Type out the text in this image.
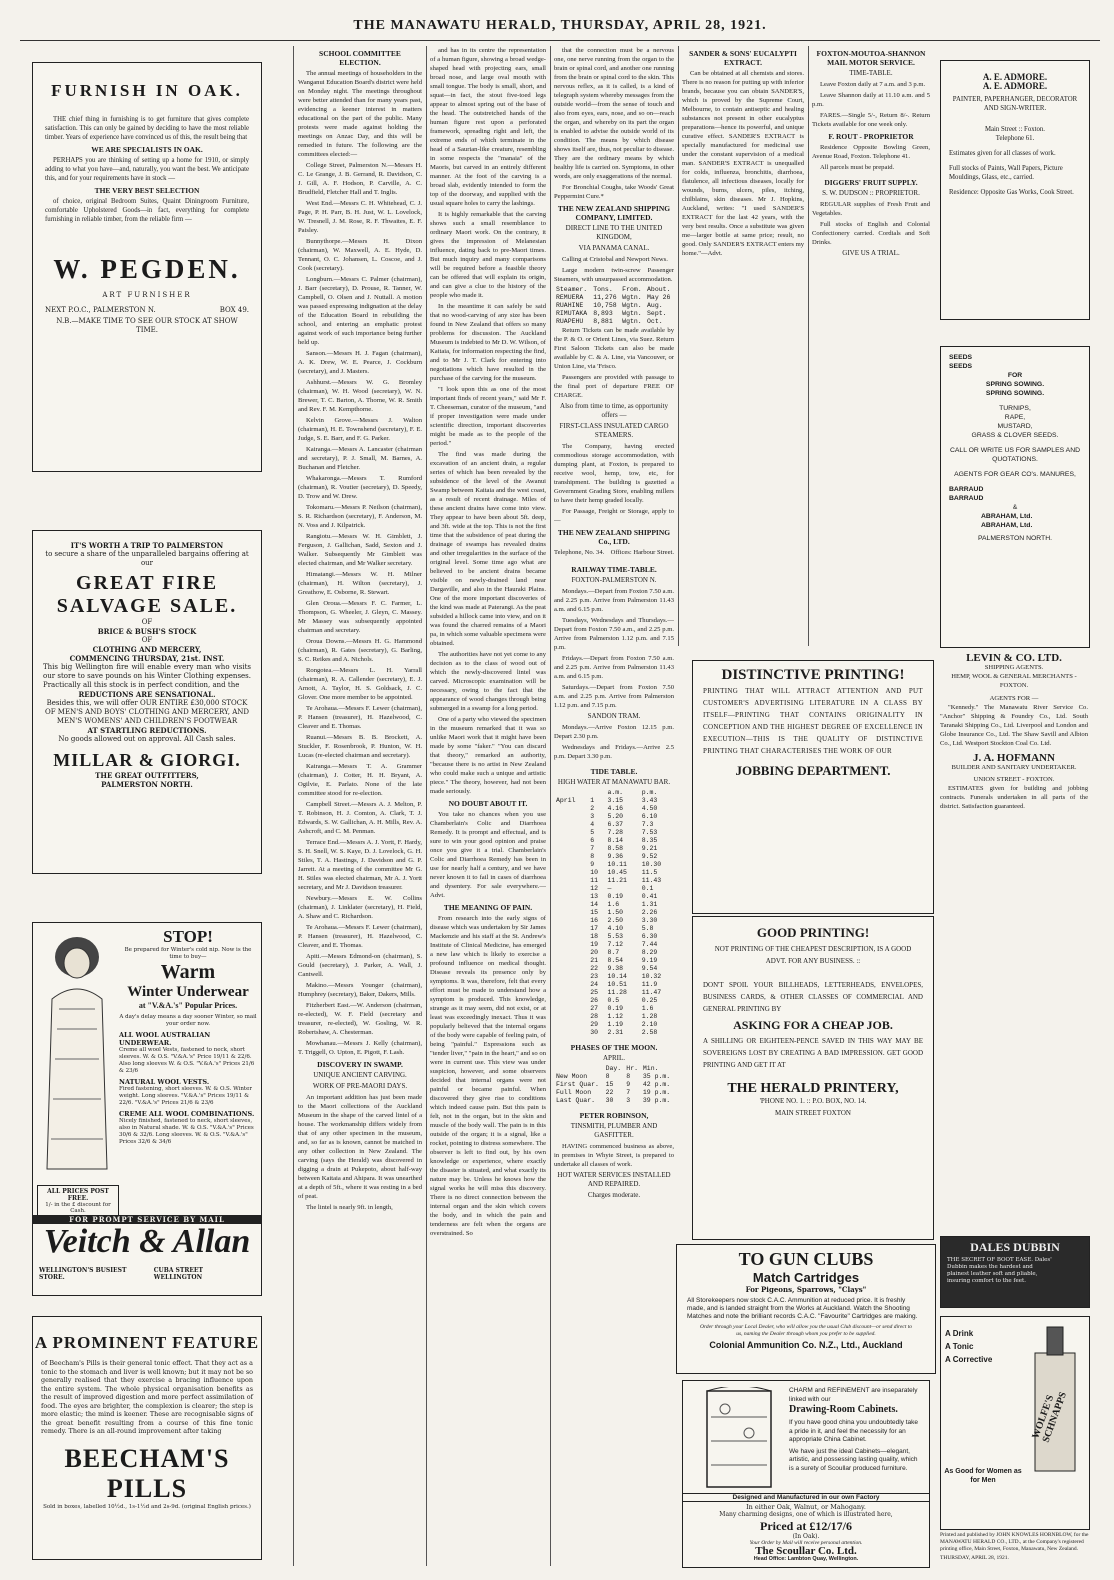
THE MANAWATU HERALD, THURSDAY, APRIL 28, 1921.
FURNISH IN OAK.

THE chief thing in furnishing is to get furniture that gives complete satisfaction. This can only be gained by deciding to have the most reliable timber. Years of experience have convinced us of this, the result being that

WE ARE SPECIALISTS IN OAK.

PERHAPS you are thinking of setting up a home for 1910, or simply adding to what you have—and, naturally, you want the best. We anticipate this, and for your requirements have in stock —

THE VERY BEST SELECTION

of choice, original Bedroom Suites, Quaint Diningroom Furniture, comfortable Upholstered Goods—in fact, everything for complete furnishing in reliable timber, from the reliable firm —

W. PEGDEN.
ART FURNISHER
NEXT P.O.C., PALMERSTON N.	BOX 49.
N.B.—MAKE TIME TO SEE OUR STOCK AT SHOW TIME.
IT'S WORTH A TRIP TO PALMERSTON
to secure a share of the unparalleled bargains offering at our
GREAT FIRE
SALVAGE SALE.
OF
BRICE & BUSH'S STOCK
OF
CLOTHING AND MERCERY,
COMMENCING THURSDAY, 21st. INST.
This big Wellington fire will enable every man who visits our store to save pounds on his Winter Clothing expenses. Practically all this stock is in perfect condition, and the
REDUCTIONS ARE SENSATIONAL.
Besides this, we will offer OUR ENTIRE £30,000 STOCK OF MEN'S AND BOYS' CLOTHING AND MERCERY, AND MEN'S WOMENS' AND CHILDREN'S FOOTWEAR
AT STARTLING REDUCTIONS.
No goods allowed out on approval. All Cash sales.
MILLAR & GIORGI.
THE GREAT OUTFITTERS,
PALMERSTON NORTH.
STOP!
Be prepared for Winter's cold nip. Now is the time to buy—
Warm
Winter Underwear
at "V.&A.'s" Popular Prices.
A day's delay means a day sooner Winter, so mail your order now.
ALL WOOL AUSTRALIAN UNDERWEAR.
Creme all wool Vests, fastened to neck, short sleeves. W. & O.S. "V.&A.'s" Price 19/11 & 22/6. Also long sleeves W. & O.S. "V.&A.'s" Prices 21/6 & 23/6
NATURAL WOOL VESTS.
Fired fastening, short sleeves. W. & O.S. Winter weight. Long sleeves. "V.&A.'s" Prices 19/11 & 22/6. "V.&A.'s" Prices 21/6 & 23/6
CREME ALL WOOL COMBINATIONS.
Nicely finished, fastened to neck, short sleeves, also in Natural shade. W. & O.S. "V.&A.'s" Prices 30/6 & 32/6. Long sleeves. W. & O.S. "V.&A.'s" Prices 32/6 & 34/6
ALL PRICES POST FREE.
1/- in the £ discount for Cash.
FOR PROMPT SERVICE BY MAIL
Veitch & Allan
WELLINGTON'S BUSIEST STORE.
CUBA STREET WELLINGTON
A PROMINENT FEATURE
of Beecham's Pills is their general tonic effect. That they act as a tonic to the stomach and liver is well known; but it may not be so generally realised that they exercise a bracing influence upon the entire system. The whole physical organisation benefits as the result of improved digestion and more perfect assimilation of food. The eyes are brighter, the complexion is clearer; the step is more elastic; the mind is keener. These are recognisable signs of the great benefit resulting from a course of this fine tonic remedy. There is an all-round improvement after taking
BEECHAM'S PILLS
Sold in boxes, labelled 10½d., 1s-1½d and 2s-9d. (original English prices.)
SCHOOL COMMITTEE ELECTION.

The annual meetings of householders in the Wanganui Education Board's district were held on Monday night. The meetings throughout were better attended than for many years past, evidencing a keener interest in matters educational on the part of the public. Many protests were made against holding the meetings on Anzac Day, and this will be remedied in future. The following are the committees elected:—

College Street, Palmerston N.—Messrs H. C. Le Grange, J. B. Gerrand, R. Davidson, C. J. Gill, A. F. Hodson, P. Carville, A. C. Brudfield, Fletcher Hall and T. Inglis.

West End.—Messrs C. H. Whitehead, C. J. Page, P. H. Parr, B. H. Just, W. L. Lovelock, W. Tresnell, J. M. Rose, R. F. Thwaites, E. F. Paisley.

Bunnythorpe.—Messrs H. Dixon (chairman), W. Maxwell, A. E. Hyde, D. Tennant, O. C. Johansen, L. Coscoe, and J. Cook (secretary).

Longburn.—Messrs C. Palmer (chairman), J. Barr (secretary), D. Prouse, R. Tanner, W. Campbell, O. Olsen and J. Nuttall. A motion was passed expressing indignation at the delay of the Education Board in rebuilding the school, and entering an emphatic protest against work of such importance being further held up.

Sanson.—Messrs H. J. Fagan (chairman), A. K. Drew, W. E. Pearce, J. Cockburn (secretary), and J. Masters.

Ashhurst.—Messrs W. G. Bromley (chairman), W. H. Wood (secretary), W. N. Brewer, T. C. Barton, A. Thorne, W. R. Smith and Rev. F. M. Kempthorne.

Kelvin Grove.—Messrs J. Walton (chairman), H. E. Townshend (secretary), F. E. Judge, S. E. Barr, and F. G. Parker.

Kairanga.—Messrs A. Lancaster (chairman and secretary), P. J. Small, M. Barnes, A. Buchanan and Fletcher.

Whakaronga.—Messrs T. Rumford (chairman), R. Voutier (secretary), D. Speedy, D. Trow and W. Drew.

Tokomaru.—Messrs P. Neilson (chairman), S. R. Richardson (secretary), F. Anderson, M. N. Voss and J. Kilpatrick.

Rangiotu.—Messrs W. H. Gimblett, J. Ferguson, J. Gallichan, Sadd, Sexton and J. Walker. Subsequently Mr Gimblett was elected chairman, and Mr Walker secretary.

Himatangi.—Messrs W. H. Milner (chairman), H. Wilton (secretary), J. Greathow, E. Osborne, R. Stewart.

Glen Oroua.—Messrs F. C. Farmer, L. Thompson, G. Wheeler, J. Gleyn, C. Massey. Mr Massey was subsequently appointed chairman and secretary.

Oroua Downs.—Messrs H. G. Hammond (chairman), R. Gates (secretary), G. Barling, S. C. Reikes and A. Nichols.

Rongotea.—Messrs L. H. Yarrall (chairman), R. A. Callender (secretary), E. J. Arnott, A. Taylor, H. S. Goldsack, J. C. Glover. One more member to be appointed.

Te Arohaua.—Messrs F. Lewer (chairman), P. Hansen (treasurer), H. Hazelwood, C. Cleaver and E. Thomas.

Ruanui.—Messrs B. B. Brockett, A. Stuckler, F. Rosenbrook, P. Hunton, W. H. Lucas (re-elected chairman and secretary).

Kairanga.—Messrs T. A. Grammer (chairman), J. Cotter, H. H. Bryant, A. Ogilvie, E. Parlato. None of the late committee stood for re-election.

Campbell Street.—Messrs A. J. Melton, P. T. Robinson, H. J. Comton, A. Clark, T. J. Edwards, S. W. Gallichan, A. H. Mills, Rev. A. Ashcroft, and C. M. Penman.

Terrace End.—Messrs A. J. Yortt, F. Hardy, S. H. Snell, W. S. Kaye, D. J. Lovelock, G. H. Stiles, T. A. Hastings, J. Davidson and G. P. Jarrett. At a meeting of the committee Mr G. H. Stiles was elected chairman, Mr A. J. Yortt secretary, and Mr J. Davidson treasurer.

Newbury.—Messrs E. W. Collins (chairman), J. Linklater (secretary), H. Field, A. Shaw and C. Richardson.

Te Arohaua.—Messrs F. Lewer (chairman), P. Hansen (treasurer), H. Hazelwood, C. Cleaver, and E. Thomas.

Apiti.—Messrs Edmond-on (chairman), S. Gould (secretary), J. Parker, A. Wall, J. Cantwell.

Makino.—Messrs Younger (chairman), Humphrey (secretary), Baker, Dakers, Mills.

Fitzherbert East.—W. Anderson (chairman, re-elected), W. F. Field (secretary and treasurer, re-elected), W. Gosling, W. R. Robertshaw, A. Chesterman.

Mowhanau.—Messrs J. Kelly (chairman), T. Triggell, O. Upton, E. Pigott, F. Lash.

DISCOVERY IN SWAMP.
UNIQUE ANCIENT CARVING.
WORK OF PRE-MAORI DAYS.

An important addition has just been made to the Maori collections of the Auckland Museum in the shape of the carved lintel of a house. The workmanship differs widely from that of any other specimen in the museum, and, so far as is known, cannot be matched in any other collection in New Zealand. The carving (says the Herald) was discovered in digging a drain at Pukepoto, about half-way between Kaitaia and Ahipara. It was unearthed at a depth of 5ft., where it was resting in a bed of peat.

The lintel is nearly 9ft. in length,

and has in its centre the representation of a human figure, showing a broad wedge-shaped head with projecting ears, small broad nose, and large oval mouth with small tongue. The body is small, short, and squat—in fact, the stout five-toed legs appear to almost spring out of the base of the head. The outstretched hands of the human figure rest upon a perforated framework, spreading right and left, the extreme ends of which terminate in the head of a Saurian-like creature, resembling in some respects the "manaia" of the Maoris, but carved in an entirely different manner. At the foot of the carving is a broad slab, evidently intended to form the top of the doorway, and supplied with the usual square holes to carry the lashings.

It is highly remarkable that the carving shows such a small resemblance to ordinary Maori work. On the contrary, it gives the impression of Melanesian influence, dating back to pre-Maori times. But much inquiry and many comparisons will be required before a feasible theory can be offered that will explain its origin, and can give a clue to the history of the people who made it.

In the meantime it can safely be said that no wood-carving of any size has been found in New Zealand that offers so many problems for discussion. The Auckland Museum is indebted to Mr D. W. Wilson, of Kaitaia, for information respecting the find, and to Mr J. T. Clark for entering into negotiations which have resulted in the purchase of the carving for the museum.

"I look upon this as one of the most important finds of recent years," said Mr F. T. Cheeseman, curator of the museum, "and if proper investigation were made under scientific direction, important discoveries might be made as to the people of the period."

The find was made during the excavation of an ancient drain, a regular series of which has been revealed by the subsidence of the level of the Awanui Swamp between Kaitaia and the west coast, as a result of recent drainage. Miles of these ancient drains have come into view. They appear to have been about 5ft. deep, and 3ft. wide at the top. This is not the first time that the subsidence of peat during the drainage of swamps has revealed drains and other irregularities in the surface of the original level. Some time ago what are believed to be ancient drains became visible on newly-drained land near Dargaville, and also in the Hauraki Plains. One of the more important discoveries of the kind was made at Paterangi. As the peat subsided a hillock came into view, and on it was found the charred remains of a Maori pa, in which some valuable specimens were obtained.

The authorities have not yet come to any decision as to the class of wood out of which the newly-discovered lintel was carved. Microscopic examination will be necessary, owing to the fact that the appearance of wood changes through being submerged in a swamp for a long period.

One of a party who viewed the specimen in the museum remarked that it was so unlike Maori work that it might have been made by some "faker." "You can discard that theory," remarked an authority, "because there is no artist in New Zealand who could make such a unique and artistic piece." The theory, however, had not been made seriously.

NO DOUBT ABOUT IT.

You take no chances when you use Chamberlain's Colic and Diarrhoea Remedy. It is prompt and effectual, and is sure to win your good opinion and praise once you give it a trial. Chamberlain's Colic and Diarrhoea Remedy has been in use for nearly half a century, and we have never known it to fail in cases of diarrhoea and dysentery. For sale everywhere.—Advt.

THE MEANING OF PAIN.

From research into the early signs of disease which was undertaken by Sir James Mackenzie and his staff at the St. Andrew's Institute of Clinical Medicine, has emerged a new law which is likely to exercise a profound influence on medical thought. Disease reveals its presence only by symptoms. It was, therefore, felt that every effort must be made to understand how a symptom is produced. This knowledge, strange as it may seem, did not exist, or at least was exceedingly inexact. Thus it was popularly believed that the internal organs of the body were capable of feeling pain, of being "painful." Expressions such as "tender liver," "pain in the heart," and so on were in current use. This view was under suspicion, however, and some observers decided that internal organs were not painful or became painful. When discovered they give rise to conditions which indeed cause pain. But this pain is felt, not in the organ, but in the skin and muscle of the body wall. The pain is in this outside of the organ; it is a signal, like a rocket, pointing to distress somewhere. The observer is left to find out, by his own knowledge or experience, where exactly the disaster is situated, and what exactly its nature may be. Unless he knows how the signal works he will miss this discovery. There is no direct connection between the internal organ and the skin which covers the body, and in which the pain and tenderness are felt when the organs are overstrained. So

that the connection must be a nervous one, one nerve running from the organ to the brain or spinal cord, and another one running from the brain or spinal cord to the skin. This nervous reflex, as it is called, is a kind of telegraph system whereby messages from the outside world—from the sense of touch and also from eyes, ears, nose, and so on—reach the organ, and whereby on its part the organ is enabled to advise the outside world of its condition. The means by which disease shows itself are, thus, not peculiar to disease. They are the ordinary means by which healthy life is carried on. Symptoms, in other words, are only exaggerations of the normal.

For Bronchial Coughs, take Woods' Great Peppermint Cure.*

THE NEW ZEALAND SHIPPING COMPANY, LIMITED.
DIRECT LINE TO THE UNITED KINGDOM,
VIA PANAMA CANAL.

Calling at Cristobal and Newport News.

Large modern twin-screw Passenger Steamers, with unsurpassed accommodation.

Steamer.	Tons.	From.	About.
REMUERA	11,276	Wgtn.	May 26
RUAHINE	10,758	Wgtn.	Aug.
RIMUTAKA	8,893	Wgtn.	Sept.
RUAPEHU	8,881	Wgtn.	Oct.

Return Tickets can be made available by the P. & O. or Orient Lines, via Suez. Return First Saloon Tickets can also be made available by C. & A. Line, via Vancouver, or Union Line, via 'Frisco.

Passengers are provided with passage to the final port of departure FREE OF CHARGE.

Also from time to time, as opportunity offers —
FIRST-CLASS INSULATED CARGO STEAMERS.

The Company, having erected commodious storage accommodation, with dumping plant, at Foxton, is prepared to receive wool, hemp, tow, etc, for transhipment. The building is gazetted a Government Grading Store, enabling millers to have their hemp graded locally.

For Passage, Freight or Storage, apply to —

THE NEW ZEALAND SHIPPING Co., LTD.
Telephone, No. 34. Offices: Harbour Street.
RAILWAY TIME-TABLE.
FOXTON-PALMERSTON N.

Mondays.—Depart from Foxton 7.50 a.m. and 2.25 p.m. Arrive from Palmerston 11.43 a.m. and 6.15 p.m.

Tuesdays, Wednesdays and Thursdays.—Depart from Foxton 7.50 a.m., and 2.25 p.m. Arrive from Palmerston 1.12 p.m. and 7.15 p.m.

Fridays.—Depart from Foxton 7.50 a.m. and 2.25 p.m. Arrive from Palmerston 11.43 a.m. and 6.15 p.m.

Saturdays.—Depart from Foxton 7.50 a.m. and 2.25 p.m. Arrive from Palmerston 1.12 p.m. and 7.15 p.m.

SANDON TRAM.

Mondays.—Arrive Foxton 12.15 p.m. Depart 2.30 p.m.

Wednesdays and Fridays.—Arrive 2.5 p.m. Depart 3.30 p.m.

TIDE TABLE.
HIGH WATER AT MANAWATU BAR.
		a.m.	p.m.
April	1	3.15	3.43
	2	4.16	4.50
	3	5.20	6.10
	4	6.37	7.3
	5	7.28	7.53
	6	8.14	8.35
	7	8.58	9.21
	8	9.36	9.52
	9	10.11	10.30
	10	10.45	11.5
	11	11.21	11.43
	12	—	0.1
	13	0.19	0.41
	14	1.6	1.31
	15	1.50	2.26
	16	2.50	3.30
	17	4.10	5.8
	18	5.53	6.30
	19	7.12	7.44
	20	8.7	8.29
	21	8.54	9.19
	22	9.38	9.54
	23	10.14	10.32
	24	10.51	11.9
	25	11.28	11.47
	26	0.5	0.25
	27	0.19	1.6
	28	1.12	1.28
	29	1.19	2.10
	30	2.31	2.58
PHASES OF THE MOON.
APRIL.
	Day.	Hr.	Min.
New Moon	8	8	35 p.m.
First Quar.	15	9	42 p.m.
Full Moon	22	7	19 p.m.
Last Quar.	30	3	39 p.m.
PETER ROBINSON,
TINSMITH, PLUMBER AND GASFITTER.

HAVING commenced business as above, in premises in Whyte Street, is prepared to undertake all classes of work.

HOT WATER SERVICES INSTALLED AND REPAIRED.
Charges moderate.
SANDER & SONS' EUCALYPTI EXTRACT.

Can be obtained at all chemists and stores. There is no reason for putting up with inferior brands, because you can obtain SANDER'S, which is proved by the Supreme Court, Melbourne, to contain antiseptic and healing substances not present in other eucalyptus preparations—hence its powerful, and unique curative effect. SANDER'S EXTRACT is specially manufactured for medicinal use under the constant supervision of a medical man. SANDER'S EXTRACT is unequalled for colds, influenza, bronchitis, diarrhoea, flatulence, all infectious diseases, locally for wounds, burns, ulcers, piles, itching, chilblains, skin diseases. Mr J. Hopkins, Auckland, writes: "I used SANDER'S EXTRACT for the last 42 years, with the very best results. Once a substitute was given me—larger bottle at same price; result, no good. Only SANDER'S EXTRACT enters my home."—Advt.

FOXTON-MOUTOA-SHANNON MAIL MOTOR SERVICE.
TIME-TABLE.

Leave Foxton daily at 7 a.m. and 3 p.m.

Leave Shannon daily at 11.10 a.m. and 5 p.m.

FARES.—Single 5/-, Return 8/-. Return Tickets available for one week only.

F. ROUT - PROPRIETOR

Residence Opposite Bowling Green, Avenue Road, Foxton. Telephone 41.

All parcels must be prepaid.

DIGGERS' FRUIT SUPPLY.
S. W. DUDSON :: PROPRIETOR.

REGULAR supplies of Fresh Fruit and Vegetables.

Full stocks of English and Colonial Confectionery carried. Cordials and Soft Drinks.

GIVE US A TRIAL.
A. E. ADMORE.
A. E. ADMORE.
PAINTER, PAPERHANGER, DECORATOR AND SIGN-WRITER.
Main Street :: Foxton.
Telephone 61.
Estimates given for all classes of work.
Full stocks of Paints, Wall Papers, Picture Mouldings, Glass, etc., carried.
Residence: Opposite Gas Works, Cook Street.
DISTINCTIVE PRINTING!
PRINTING THAT WILL ATTRACT ATTENTION AND PUT CUSTOMER'S ADVERTISING LITERATURE IN A CLASS BY ITSELF—PRINTING THAT CONTAINS ORIGINALITY IN CONCEPTION AND THE HIGHEST DEGREE OF EXCELLENCE IN EXECUTION—THIS IS THE QUALITY OF DISTINCTIVE PRINTING THAT CHARACTERISES THE WORK OF OUR
JOBBING DEPARTMENT.
GOOD PRINTING!
NOT PRINTING OF THE CHEAPEST DESCRIPTION, IS A GOOD ADVT. FOR ANY BUSINESS. ::
DON'T SPOIL YOUR BILLHEADS, LETTERHEADS, ENVELOPES, BUSINESS CARDS, & OTHER CLASSES OF COMMERCIAL AND GENERAL PRINTING BY
ASKING FOR A CHEAP JOB.
A SHILLING OR EIGHTEEN-PENCE SAVED IN THIS WAY MAY BE SOVEREIGNS LOST BY CREATING A BAD IMPRESSION. GET GOOD PRINTING AND GET IT AT
THE HERALD PRINTERY,
'PHONE NO. 1. :: P.O. BOX, NO. 14.
MAIN STREET FOXTON
SEEDS
SEEDS
FOR
SPRING SOWING.
SPRING SOWING.
TURNIPS,
RAPE,
MUSTARD,
GRASS & CLOVER SEEDS.
CALL OR WRITE US FOR SAMPLES AND QUOTATIONS.
AGENTS FOR GEAR CO's. MANURES,
BARRAUD
BARRAUD
&
ABRAHAM, Ltd.
ABRAHAM, Ltd.
PALMERSTON NORTH.
LEVIN & CO. LTD.
SHIPPING AGENTS.
HEMP, WOOL & GENERAL MERCHANTS - FOXTON.
AGENTS FOR —

"Kennedy." The Manawatu River Service Co. "Anchor" Shipping & Foundry Co., Ltd. South Taranaki Shipping Co., Ltd. Liverpool and London and Globe Insurance Co., Ltd. The Shaw Savill and Albion Co., Ltd. Westport Stockton Coal Co. Ltd.

J. A. HOFMANN
BUILDER AND SANITARY UNDERTAKER.
UNION STREET - FOXTON.

ESTIMATES given for building and jobbing contracts. Funerals undertaken in all parts of the district. Satisfaction guaranteed.

TO GUN CLUBS
Match Cartridges
For Pigeons, Sparrows, "Clays"
All Storekeepers now stock C.A.C. Ammunition at reduced price. It is freshly made, and is landed straight from the Works at Auckland. Watch the Shooting Matches and note the brilliant records C.A.C. "Favourite" Cartridges are making.
Order through your Local Dealer, who will allow you the usual Club discount—or send direct to us, naming the Dealer through whom you prefer to be supplied.
Colonial Ammunition Co. N.Z., Ltd., Auckland
DALES DUBBIN
THE SECRET OF BOOT EASE. Dales' Dubbin makes the hardest and plainest leather soft and pliable, insuring comfort to the feet.
CHARM and REFINEMENT are inseparately linked with our
Drawing-Room Cabinets.
If you have good china you undoubtedly take a pride in it, and feel the necessity for an appropriate China Cabinet.
We have just the ideal Cabinets—elegant, artistic, and possessing lasting quality, which is a surety of Scoullar produced furniture.
Designed and Manufactured in our own Factory
In either Oak, Walnut, or Mahogany.
Many charming designs, one of which is illustrated here,
Priced at £12/17/6
(In Oak).
Your Order by Mail will receive personal attention.
The Scoullar Co. Ltd.
Head Office: Lambton Quay, Wellington.
A Drink
A Tonic
A Corrective
WOLFE'S SCHNAPPS
As Good for Women as for Men
Printed and published by JOHN KNOWLES HORNBLOW, for the MANAWATU HERALD CO., LTD., at the Company's registered printing office, Main Street, Foxton, Manawatu, New Zealand.
THURSDAY, APRIL 28, 1921.
